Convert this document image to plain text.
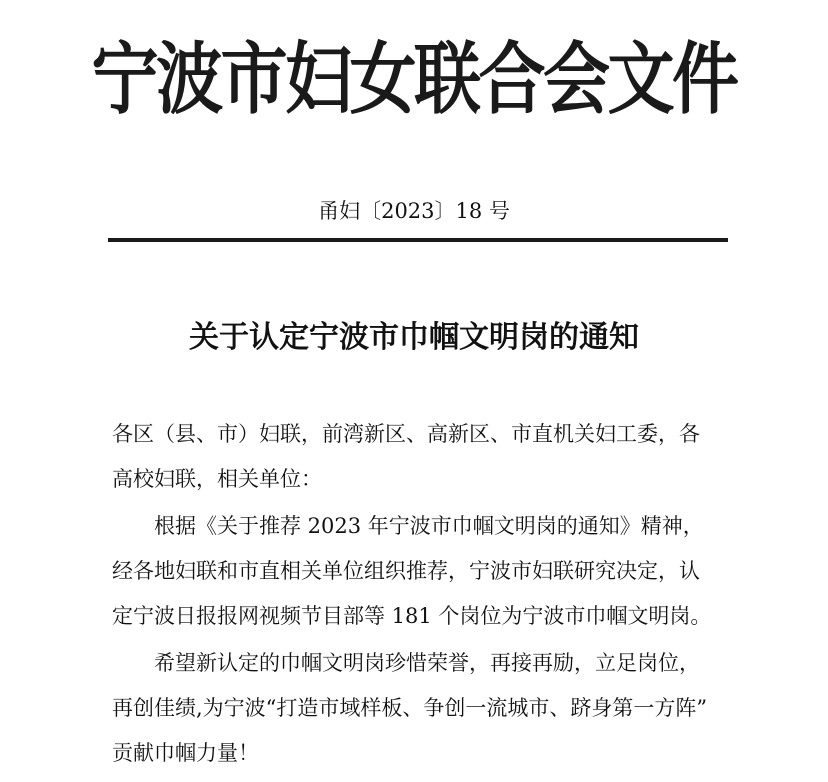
宁波市妇女联合会文件
甬妇〔2023〕18 号
关于认定宁波市巾帼文明岗的通知
各区（县、市）妇联，前湾新区、高新区、市直机关妇工委，各
高校妇联，相关单位：
根据《关于推荐 2023 年宁波市巾帼文明岗的通知》精神，
经各地妇联和市直相关单位组织推荐，宁波市妇联研究决定，认
定宁波日报报网视频节目部等 181 个岗位为宁波市巾帼文明岗。
希望新认定的巾帼文明岗珍惜荣誉，再接再励，立足岗位，
再创佳绩,为宁波“打造市域样板、争创一流城市、跻身第一方阵”
贡献巾帼力量！
